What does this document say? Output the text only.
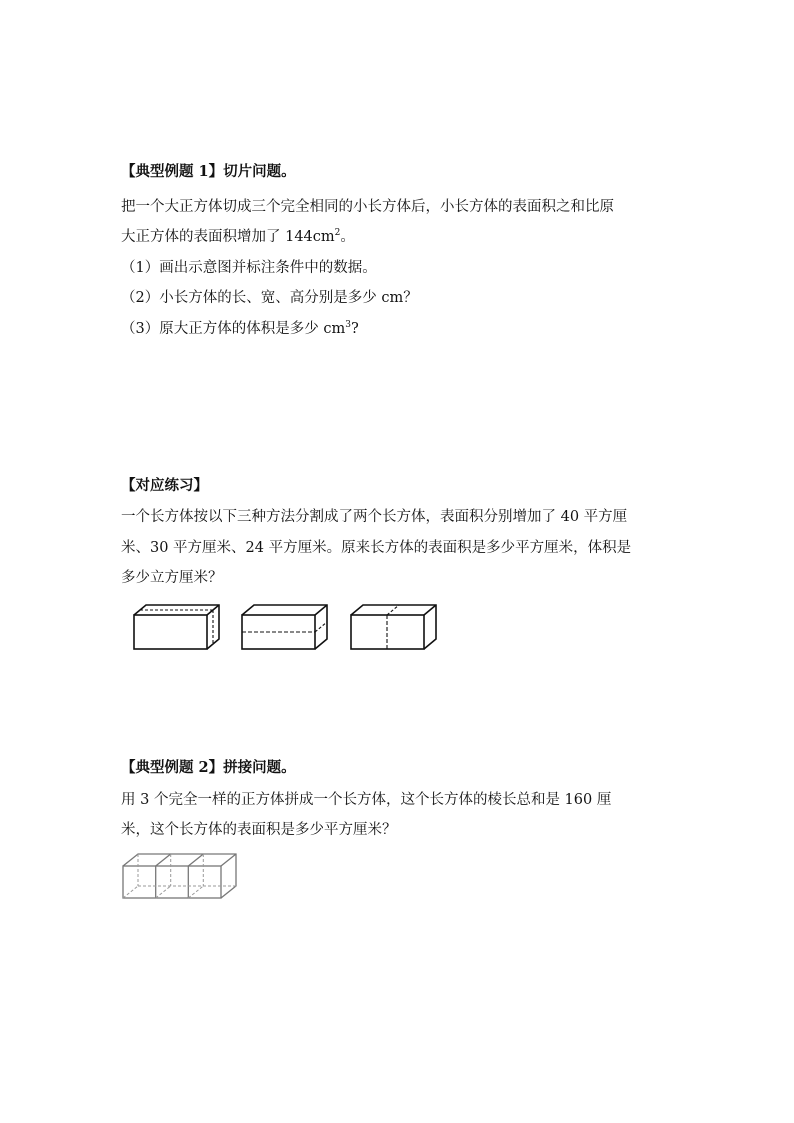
【典型例题 1】切片问题。
把一个大正方体切成三个完全相同的小长方体后，小长方体的表面积之和比原
大正方体的表面积增加了 $144cm^2$。
（1）画出示意图并标注条件中的数据。
（2）小长方体的长、宽、高分别是多少 cm？
（3）原大正方体的体积是多少 $cm^3$?
【对应练习】
一个长方体按以下三种方法分割成了两个长方体，表面积分别增加了 40 平方厘
米、30 平方厘米、24 平方厘米。原来长方体的表面积是多少平方厘米，体积是
多少立方厘米？
【典型例题 2】拼接问题。
用 3 个完全一样的正方体拼成一个长方体，这个长方体的棱长总和是 160 厘
米，这个长方体的表面积是多少平方厘米？
